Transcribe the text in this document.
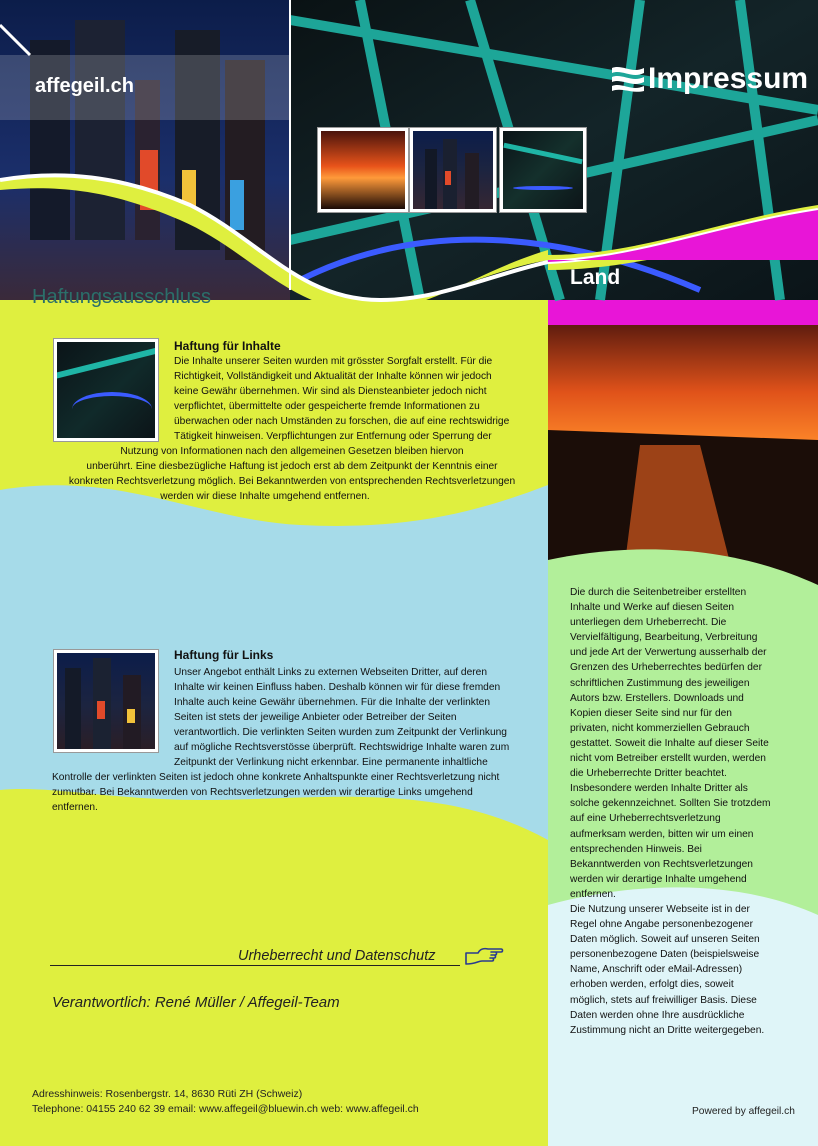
affegeil.ch	Impressum
Land
Haftungsausschluss
Haftung für Inhalte
Die Inhalte unserer Seiten wurden mit grösster Sorgfalt erstellt. Für die
Richtigkeit, Vollständigkeit und Aktualität der Inhalte können wir jedoch
keine Gewähr übernehmen. Wir sind als Diensteanbieter jedoch nicht
verpflichtet, übermittelte oder gespeicherte fremde Informationen zu
überwachen oder nach Umständen zu forschen, die auf eine rechtswidrige
Tätigkeit hinweisen. Verpflichtungen zur Entfernung oder Sperrung der
Nutzung von Informationen nach den allgemeinen Gesetzen bleiben hiervon
unberührt. Eine diesbezügliche Haftung ist jedoch erst ab dem Zeitpunkt der Kenntnis einer
konkreten Rechtsverletzung möglich. Bei Bekanntwerden von entsprechenden Rechtsverletzungen
werden wir diese Inhalte umgehend entfernen.
Haftung für Links
Unser Angebot enthält Links zu externen Webseiten Dritter, auf deren
Inhalte wir keinen Einfluss haben. Deshalb können wir für diese fremden
Inhalte auch keine Gewähr übernehmen. Für die Inhalte der verlinkten
Seiten ist stets der jeweilige Anbieter oder Betreiber der Seiten
verantwortlich. Die verlinkten Seiten wurden zum Zeitpunkt der Verlinkung
auf mögliche Rechtsverstösse überprüft. Rechtswidrige Inhalte waren zum
Zeitpunkt der Verlinkung nicht erkennbar. Eine permanente inhaltliche
Kontrolle der verlinkten Seiten ist jedoch ohne konkrete Anhaltspunkte einer Rechtsverletzung nicht
zumutbar. Bei Bekanntwerden von Rechtsverletzungen werden wir derartige Links umgehend
entfernen.
Die durch die Seitenbetreiber erstellten
Inhalte und Werke auf diesen Seiten
unterliegen dem Urheberrecht. Die
Vervielfältigung, Bearbeitung, Verbreitung
und jede Art der Verwertung ausserhalb der
Grenzen des Urheberrechtes bedürfen der
schriftlichen Zustimmung des jeweiligen
Autors bzw. Erstellers. Downloads und
Kopien dieser Seite sind nur für den
privaten, nicht kommerziellen Gebrauch
gestattet. Soweit die Inhalte auf dieser Seite
nicht vom Betreiber erstellt wurden, werden
die Urheberrechte Dritter beachtet.
Insbesondere werden Inhalte Dritter als
solche gekennzeichnet. Sollten Sie trotzdem
auf eine Urheberrechtsverletzung
aufmerksam werden, bitten wir um einen
entsprechenden Hinweis. Bei
Bekanntwerden von Rechtsverletzungen
werden wir derartige Inhalte umgehend
entfernen.
Die Nutzung unserer Webseite ist in der
Regel ohne Angabe personenbezogener
Daten möglich. Soweit auf unseren Seiten
personenbezogene Daten (beispielsweise
Name, Anschrift oder eMail-Adressen)
erhoben werden, erfolgt dies, soweit
möglich, stets auf freiwilliger Basis. Diese
Daten werden ohne Ihre ausdrückliche
Zustimmung nicht an Dritte weitergegeben.
Urheberrecht und Datenschutz
Verantwortlich: René Müller / Affegeil-Team
Adresshinweis: Rosenbergstr. 14, 8630 Rüti ZH (Schweiz)
Telephone: 04155 240 62 39 email: www.affegeil@bluewin.ch web: www.affegeil.ch	Powered by affegeil.ch
